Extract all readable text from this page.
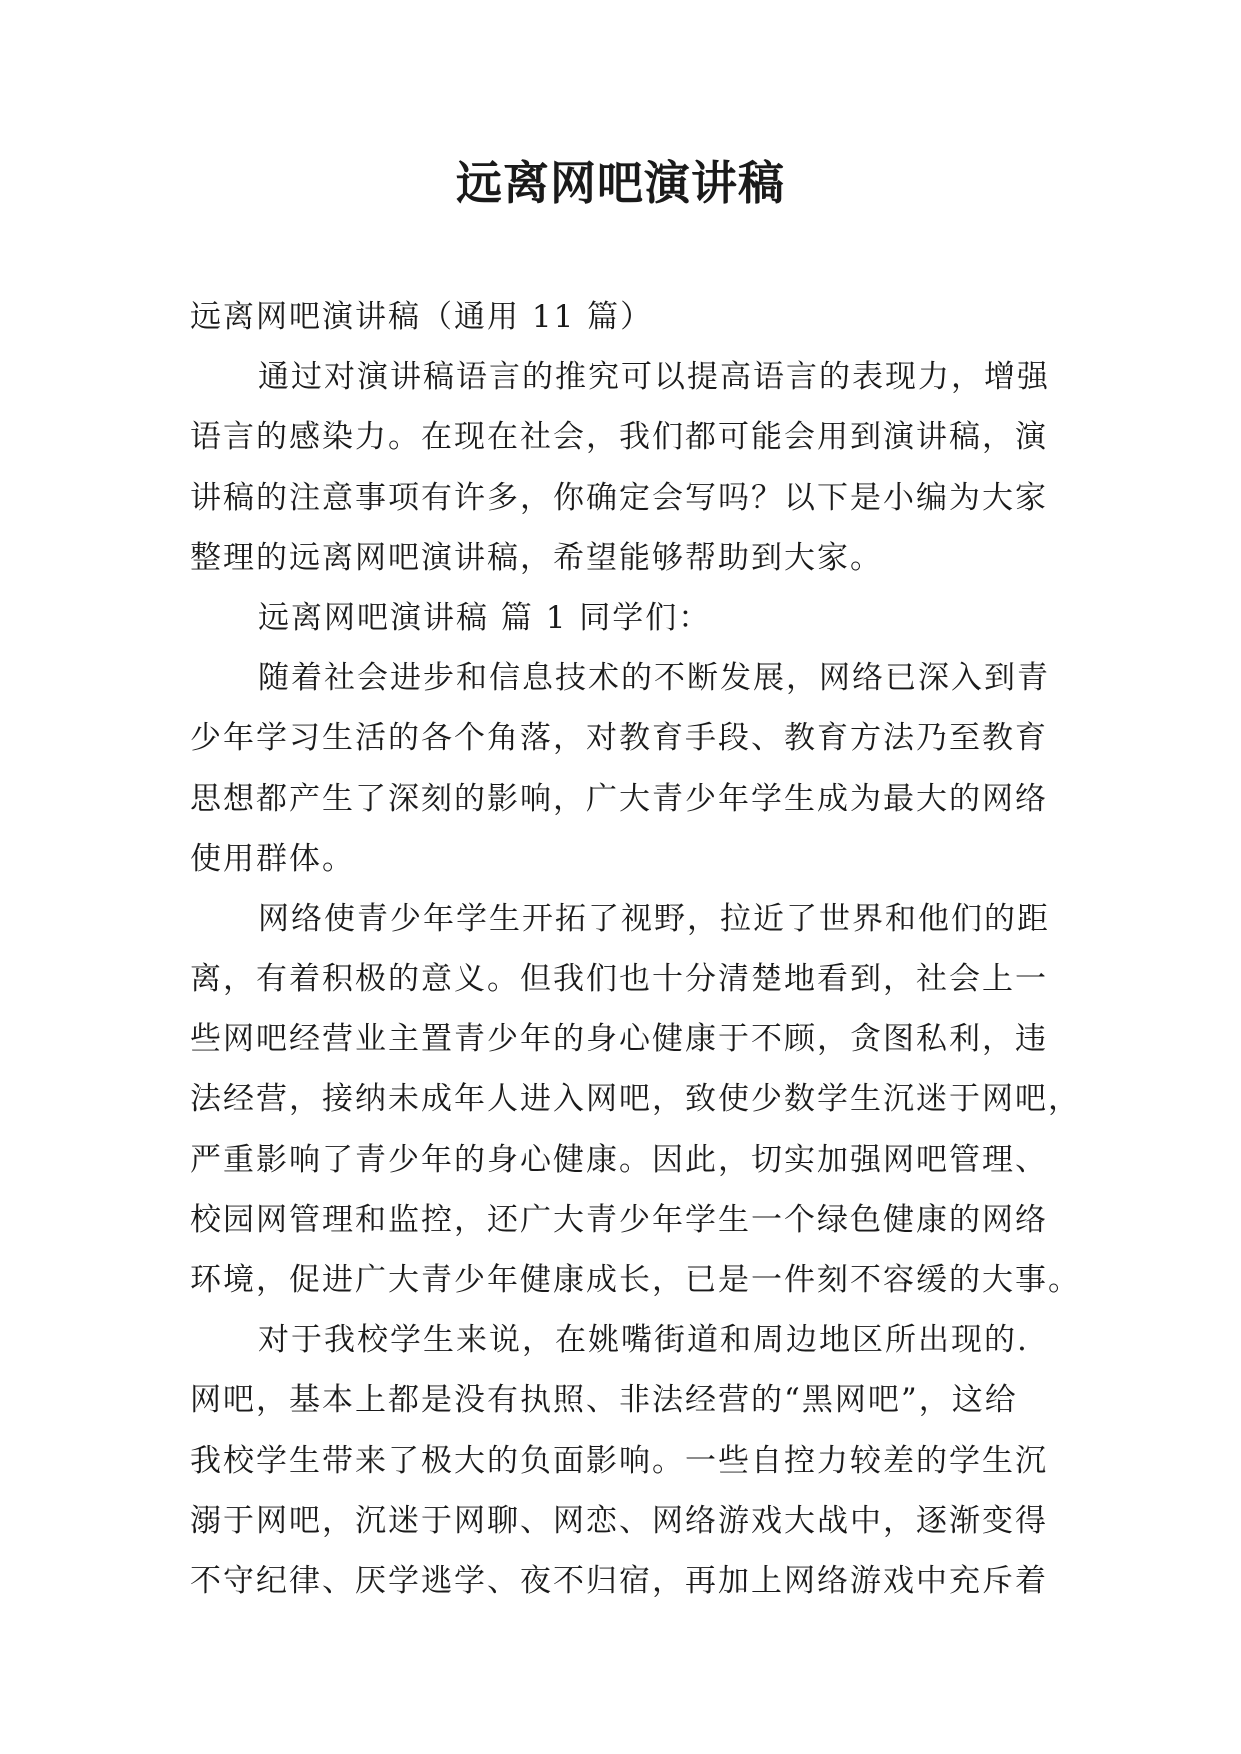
远离网吧演讲稿
远离网吧演讲稿（通用 11 篇）
通过对演讲稿语言的推究可以提高语言的表现力，增强
语言的感染力。在现在社会，我们都可能会用到演讲稿，演
讲稿的注意事项有许多，你确定会写吗？以下是小编为大家
整理的远离网吧演讲稿，希望能够帮助到大家。
远离网吧演讲稿 篇 1 同学们：
随着社会进步和信息技术的不断发展，网络已深入到青
少年学习生活的各个角落，对教育手段、教育方法乃至教育
思想都产生了深刻的影响，广大青少年学生成为最大的网络
使用群体。
网络使青少年学生开拓了视野，拉近了世界和他们的距
离，有着积极的意义。但我们也十分清楚地看到，社会上一
些网吧经营业主置青少年的身心健康于不顾，贪图私利，违
法经营，接纳未成年人进入网吧，致使少数学生沉迷于网吧，
严重影响了青少年的身心健康。因此，切实加强网吧管理、
校园网管理和监控，还广大青少年学生一个绿色健康的网络
环境，促进广大青少年健康成长，已是一件刻不容缓的大事。
对于我校学生来说，在姚嘴街道和周边地区所出现的.
网吧，基本上都是没有执照、非法经营的“黑网吧”，这给
我校学生带来了极大的负面影响。一些自控力较差的学生沉
溺于网吧，沉迷于网聊、网恋、网络游戏大战中，逐渐变得
不守纪律、厌学逃学、夜不归宿，再加上网络游戏中充斥着
